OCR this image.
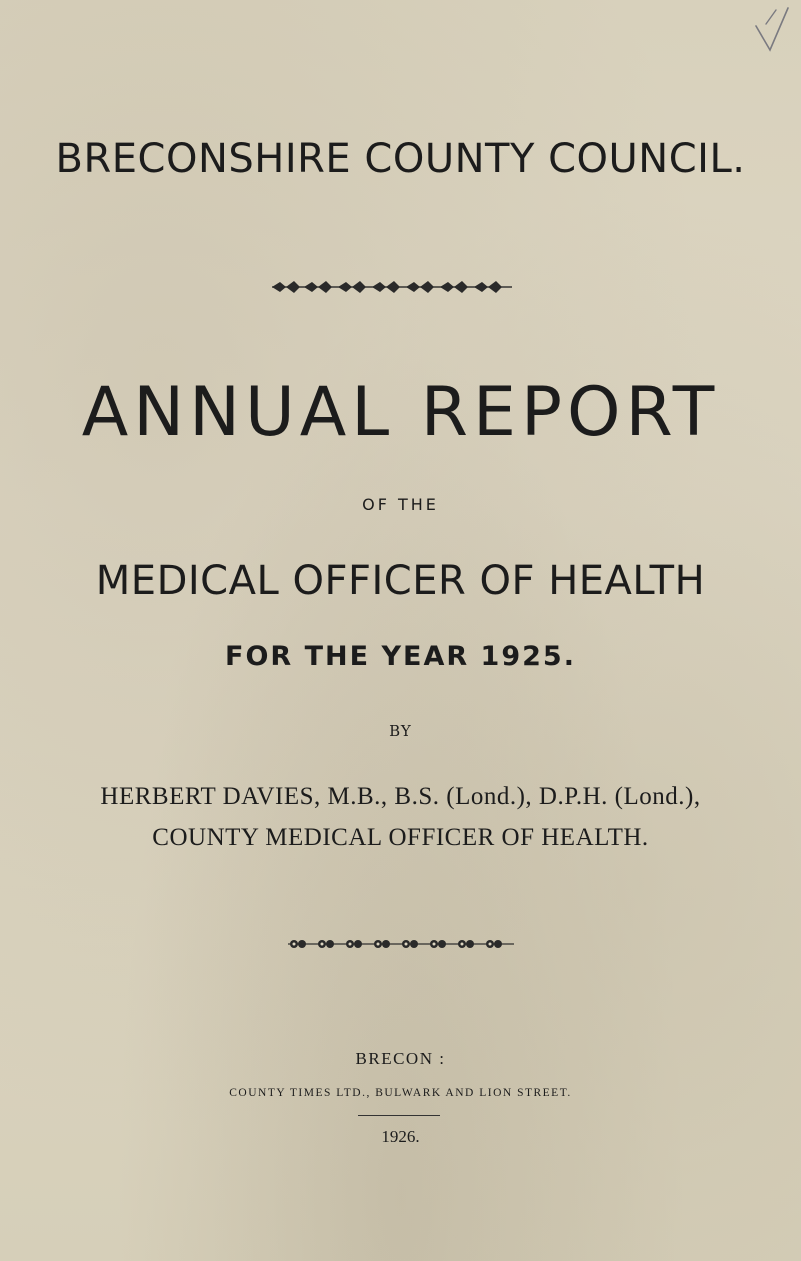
BRECONSHIRE COUNTY COUNCIL.
ANNUAL REPORT
OF THE
MEDICAL OFFICER OF HEALTH
FOR THE YEAR 1925.
BY
HERBERT DAVIES, M.B., B.S. (Lond.), D.P.H. (Lond.),
COUNTY MEDICAL OFFICER OF HEALTH.
BRECON :
COUNTY TIMES LTD., BULWARK AND LION STREET.
1926.
